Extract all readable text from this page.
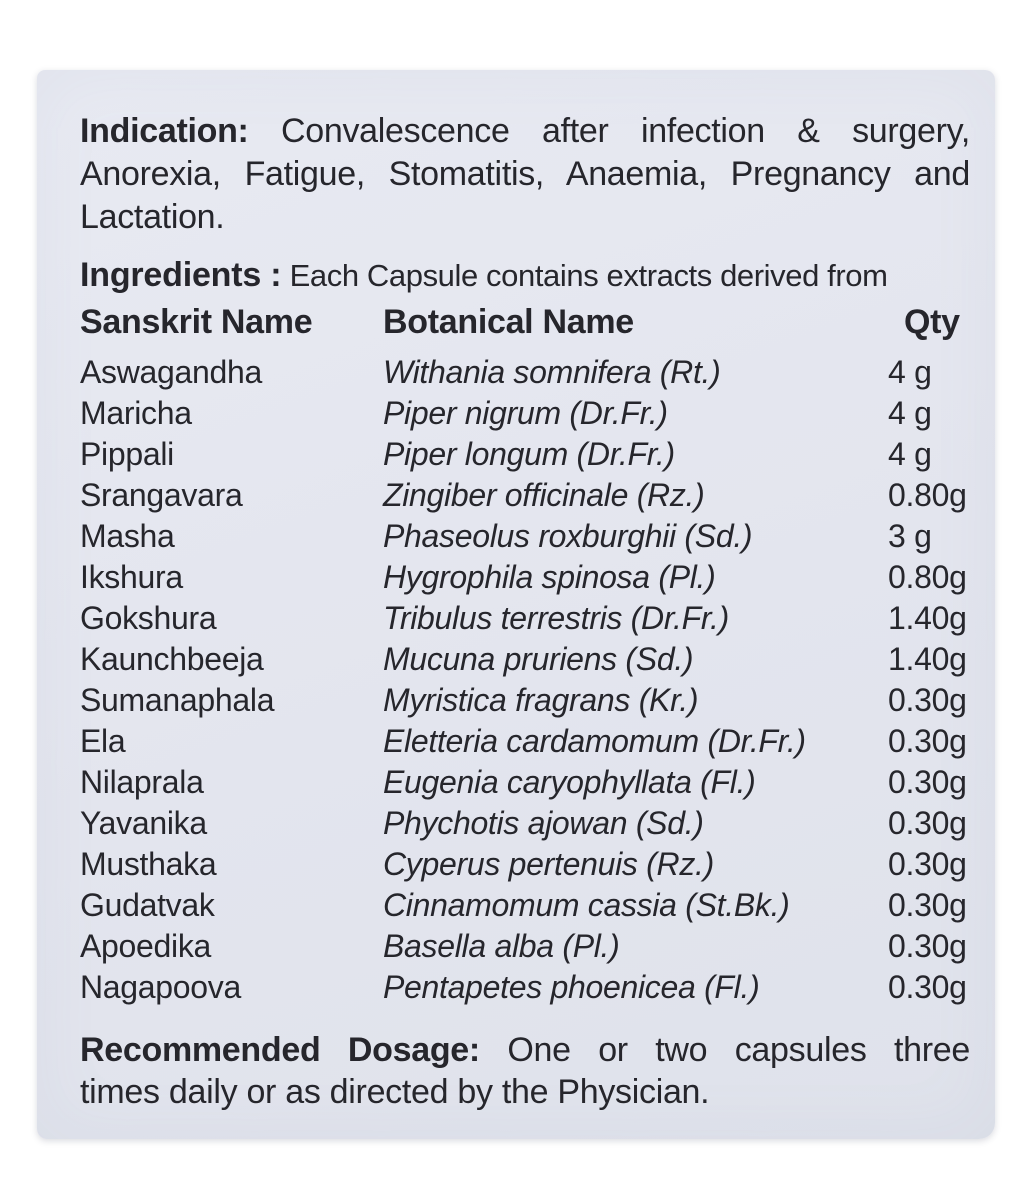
Indication: Convalescence after infection & surgery,
Anorexia, Fatigue, Stomatitis, Anaemia, Pregnancy and
Lactation.
Ingredients : Each Capsule contains extracts derived from
Sanskrit Name	Botanical Name	Qty
Aswagandha	Withania somnifera (Rt.)	4 g
Maricha	Piper nigrum (Dr.Fr.)	4 g
Pippali	Piper longum (Dr.Fr.)	4 g
Srangavara	Zingiber officinale (Rz.)	0.80g
Masha	Phaseolus roxburghii (Sd.)	3 g
Ikshura	Hygrophila spinosa (Pl.)	0.80g
Gokshura	Tribulus terrestris (Dr.Fr.)	1.40g
Kaunchbeeja	Mucuna pruriens (Sd.)	1.40g
Sumanaphala	Myristica fragrans (Kr.)	0.30g
Ela	Eletteria cardamomum (Dr.Fr.)	0.30g
Nilaprala	Eugenia caryophyllata (Fl.)	0.30g
Yavanika	Phychotis ajowan (Sd.)	0.30g
Musthaka	Cyperus pertenuis (Rz.)	0.30g
Gudatvak	Cinnamomum cassia (St.Bk.)	0.30g
Apoedika	Basella alba (Pl.)	0.30g
Nagapoova	Pentapetes phoenicea (Fl.)	0.30g
Recommended Dosage: One or two capsules three
times daily or as directed by the Physician.
